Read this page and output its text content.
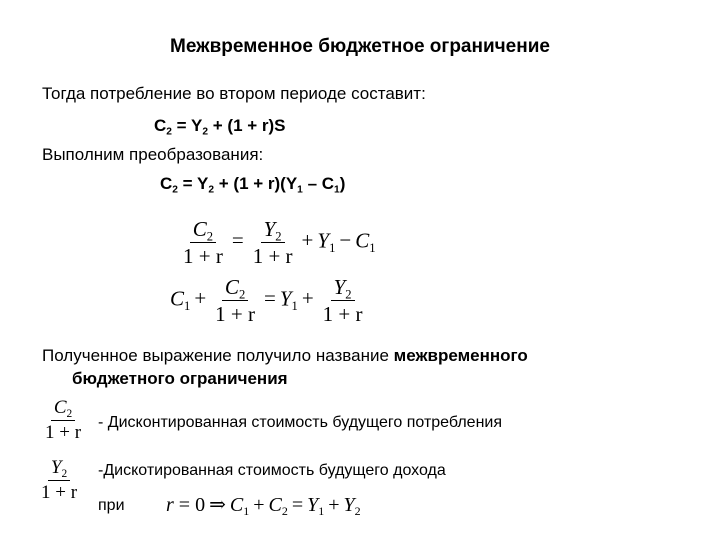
Межвременное бюджетное ограничение
Тогда потребление во втором периоде составит:
$C_2 = Y_2 + (1 + r)S$
Выполним преобразования:
$C_2 = Y_2 + (1 + r)(Y_1 - C_1)$
$\frac{C_2}{1 + r} = \frac{Y_2}{1 + r} + Y_1 - C_1$
$C_1 + \frac{C_2}{1 + r} = Y_1 + \frac{Y_2}{1 + r}$
Полученное выражение получило название межвременного
бюджетного ограничения
$\frac{C_2}{1 + r}$ - Дисконтированная стоимость будущего потребления
$\frac{Y_2}{1 + r}$ -Дискотированная стоимость будущего дохода
при r = 0 ⇒ $C_1 + C_2 = Y_1 + Y_2$
